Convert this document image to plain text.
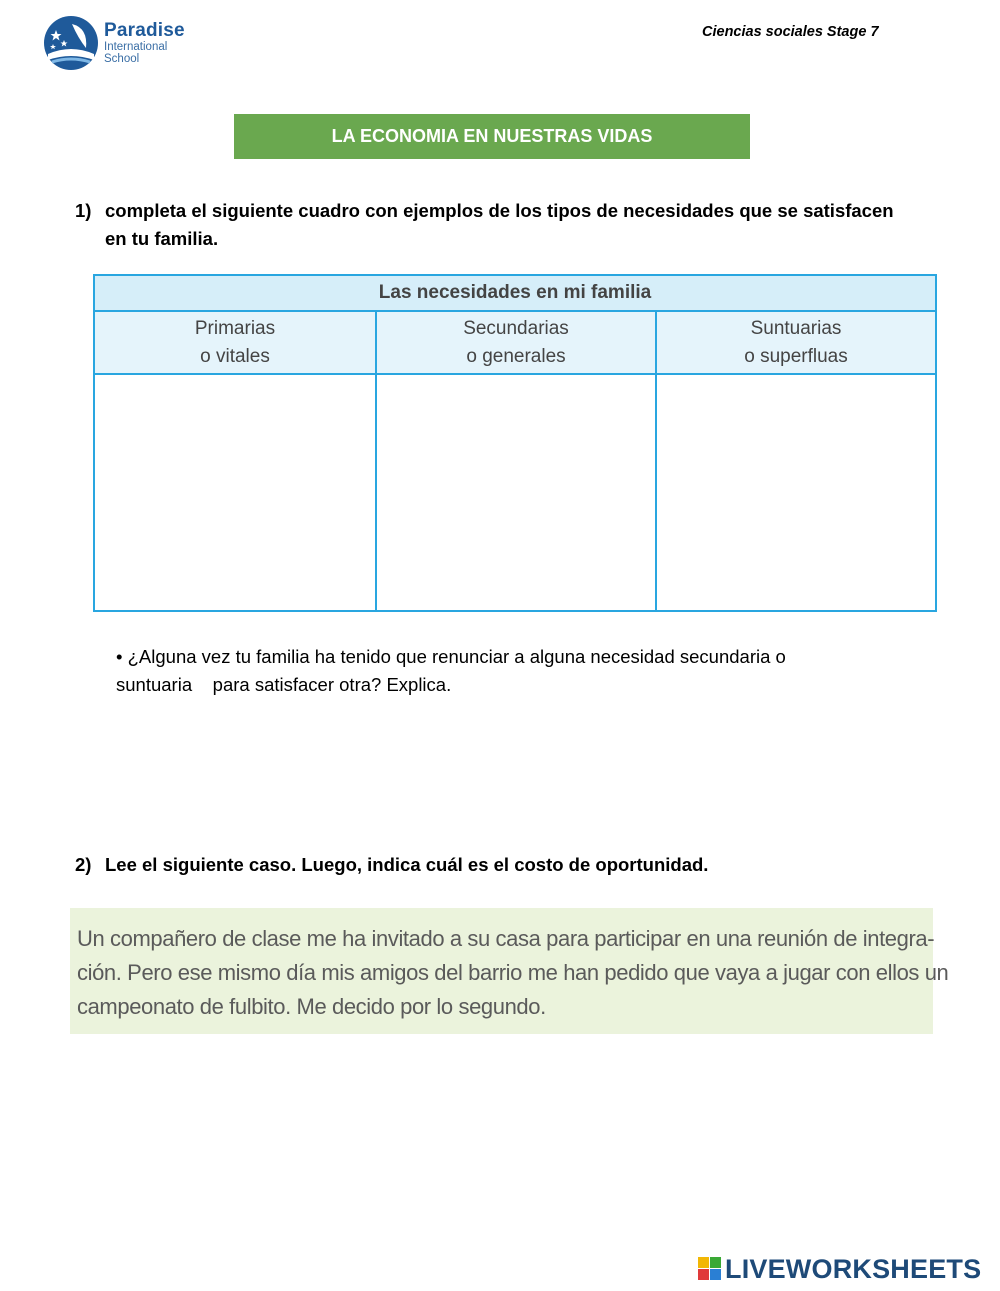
Paradise
International
School
Ciencias sociales Stage 7
LA ECONOMIA EN NUESTRAS VIDAS
1) completa el siguiente cuadro con ejemplos de los tipos de necesidades que se satisfacen
en tu familia.
Las necesidades en mi familia
Primarias
o vitales
Secundarias
o generales
Suntuarias
o superfluas
• ¿Alguna vez tu familia ha tenido que renunciar a alguna necesidad secundaria o
suntuaria    para satisfacer otra? Explica.
2) Lee el siguiente caso. Luego, indica cuál es el costo de oportunidad.
Un compañero de clase me ha invitado a su casa para participar en una reunión de integra-
ción. Pero ese mismo día mis amigos del barrio me han pedido que vaya a jugar con ellos un
campeonato de fulbito. Me decido por lo segundo.
LIVEWORKSHEETS
